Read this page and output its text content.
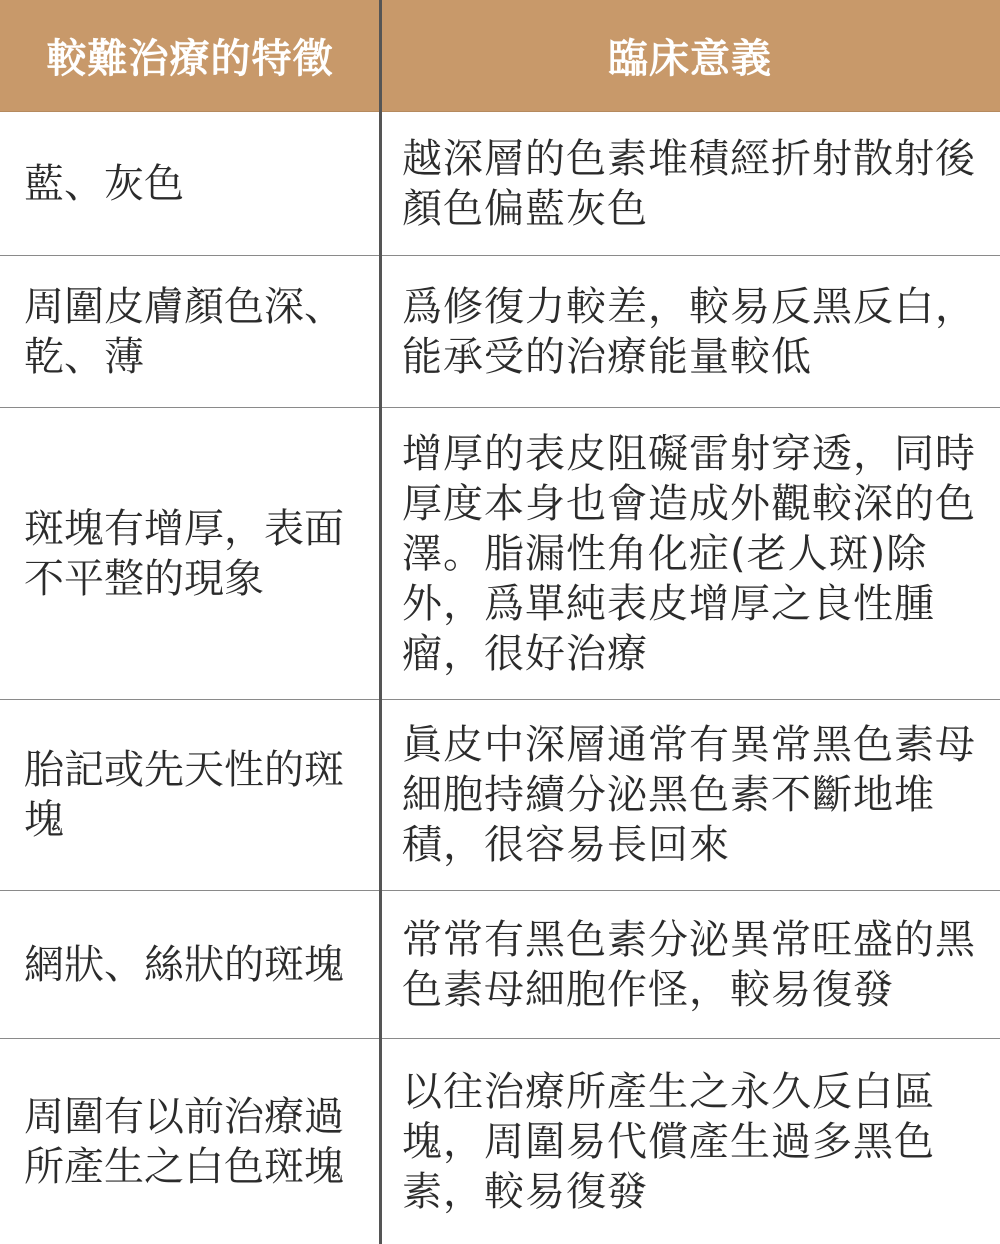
較難治療的特徵	臨床意義
藍、灰色
越深層的色素堆積經折射散射後顏色偏藍灰色
周圍皮膚顏色深、乾、薄
爲修復力較差，較易反黑反白，能承受的治療能量較低
斑塊有增厚，表面不平整的現象
增厚的表皮阻礙雷射穿透，同時厚度本身也會造成外觀較深的色澤。脂漏性角化症(老人斑)除外，爲單純表皮增厚之良性腫瘤，很好治療
胎記或先天性的斑塊
眞皮中深層通常有異常黑色素母細胞持續分泌黑色素不斷地堆積，很容易長回來
網狀、絲狀的斑塊
常常有黑色素分泌異常旺盛的黑色素母細胞作怪，較易復發
周圍有以前治療過所產生之白色斑塊
以往治療所產生之永久反白區塊，周圍易代償產生過多黑色素，較易復發
